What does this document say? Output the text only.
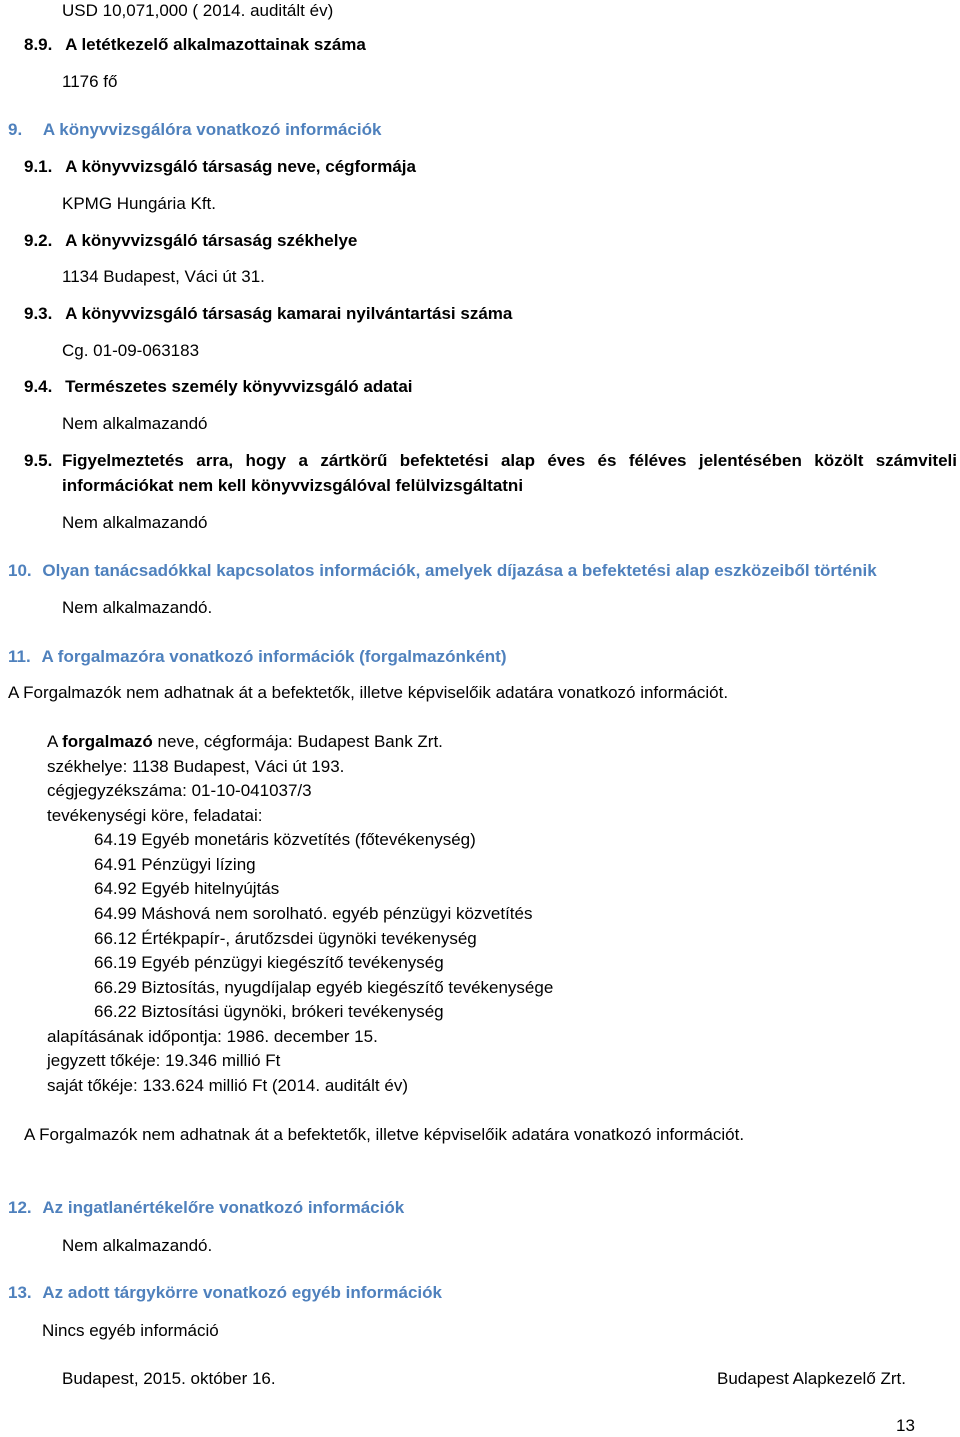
USD 10,071,000 ( 2014. auditált év)
8.9. A letétkezelő alkalmazottainak száma
1176 fő
9. A könyvvizsgálóra vonatkozó információk
9.1. A könyvvizsgáló társaság neve, cégformája
KPMG Hungária Kft.
9.2. A könyvvizsgáló társaság székhelye
1134 Budapest, Váci út 31.
9.3. A könyvvizsgáló társaság kamarai nyilvántartási száma
Cg. 01-09-063183
9.4. Természetes személy könyvvizsgáló adatai
Nem alkalmazandó
9.5. Figyelmeztetés arra, hogy a zártkörű befektetési alap éves és féléves jelentésében közölt számviteli információkat nem kell könyvvizsgálóval felülvizsgáltatni
Nem alkalmazandó
10. Olyan tanácsadókkal kapcsolatos információk, amelyek díjazása a befektetési alap eszközeiből történik
Nem alkalmazandó.
11. A forgalmazóra vonatkozó információk (forgalmazónként)
A Forgalmazók nem adhatnak át a befektetők, illetve képviselőik adatára vonatkozó információt.
A forgalmazó neve, cégformája: Budapest Bank Zrt.
székhelye: 1138 Budapest, Váci út 193.
cégjegyzékszáma: 01-10-041037/3
tevékenységi köre, feladatai:
64.19 Egyéb monetáris közvetítés (főtevékenység)
64.91 Pénzügyi lízing
64.92 Egyéb hitelnyújtás
64.99 Máshová nem sorolható. egyéb pénzügyi közvetítés
66.12 Értékpapír-, árutőzsdei ügynöki tevékenység
66.19 Egyéb pénzügyi kiegészítő tevékenység
66.29 Biztosítás, nyugdíjalap egyéb kiegészítő tevékenysége
66.22 Biztosítási ügynöki, brókeri tevékenység
alapításának időpontja: 1986. december 15.
jegyzett tőkéje: 19.346 millió Ft
saját tőkéje: 133.624 millió Ft (2014. auditált év)
A Forgalmazók nem adhatnak át a befektetők, illetve képviselőik adatára vonatkozó információt.
12. Az ingatlanértékelőre vonatkozó információk
Nem alkalmazandó.
13. Az adott tárgykörre vonatkozó egyéb információk
Nincs egyéb információ
Budapest, 2015. október 16.	Budapest Alapkezelő Zrt.
13
